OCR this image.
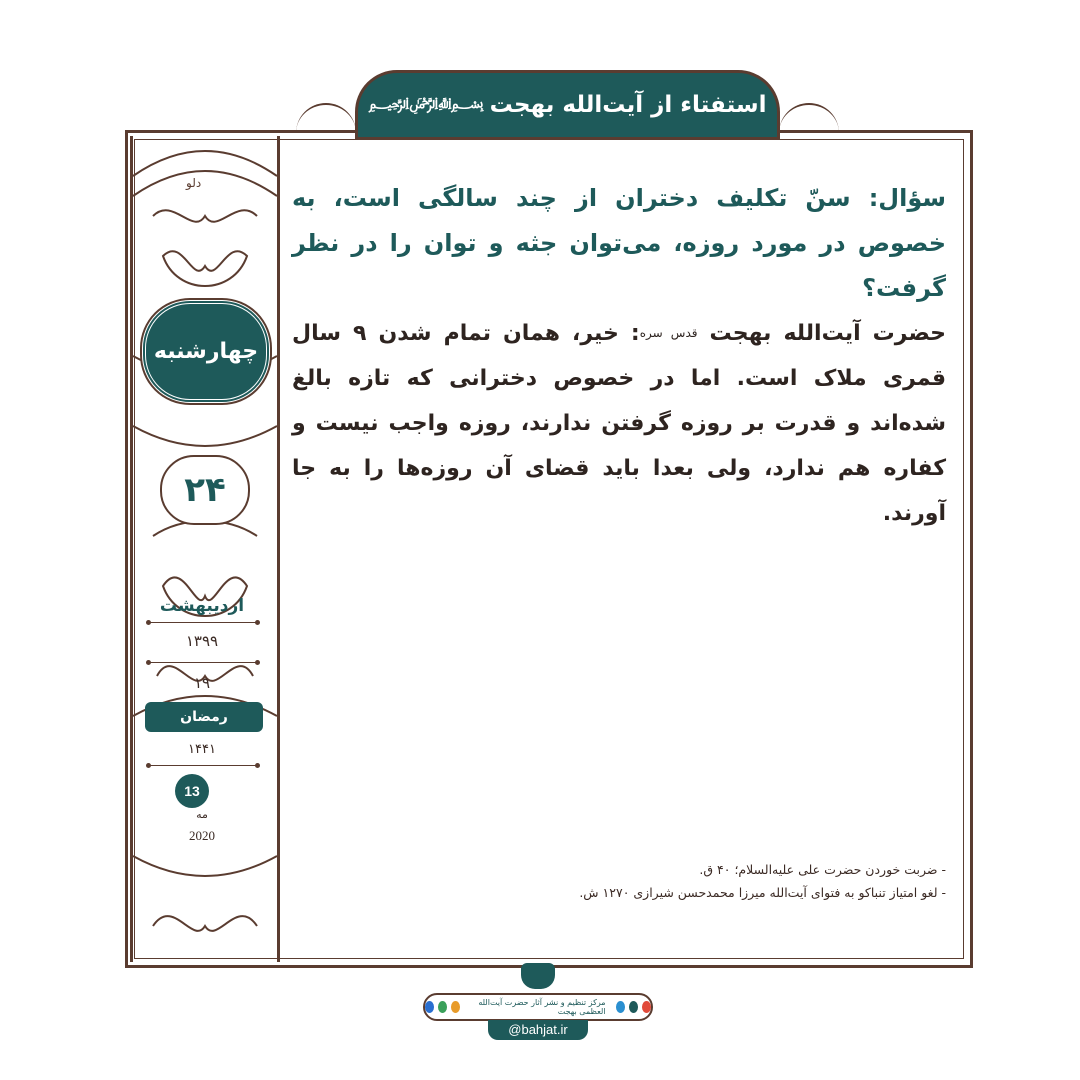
استفتاء از آیت‌الله بهجت
﷽
دلو
چهارشنبه
۲۴
اردیبهشت
۱۳۹۹
۱۹
رمضان
۱۴۴۱
13
مه
2020

سؤال: سنّ تکلیف دختران از چند سالگی است، به خصوص در مورد روزه، می‌توان جثه و توان را در نظر گرفت؟

حضرت آیت‌الله بهجت $^{قدس سره}$: خیر، همان تمام شدن ۹ سال قمری ملاک است. اما در خصوص دخترانی که تازه بالغ شده‌اند و قدرت بر روزه گرفتن ندارند، روزه واجب نیست و کفاره هم ندارد، ولی بعدا باید قضای آن روزه‌ها را به جا آورند.

- ضربت خوردن حضرت علی علیه‌السلام؛ ۴۰ ق.
- لغو امتیاز تنباکو به فتوای آیت‌الله میرزا محمدحسن شیرازی ۱۲۷۰ ش.
مرکز تنظیم و نشر آثار حضرت آیت‌الله العظمی بهجت
@bahjat.ir
